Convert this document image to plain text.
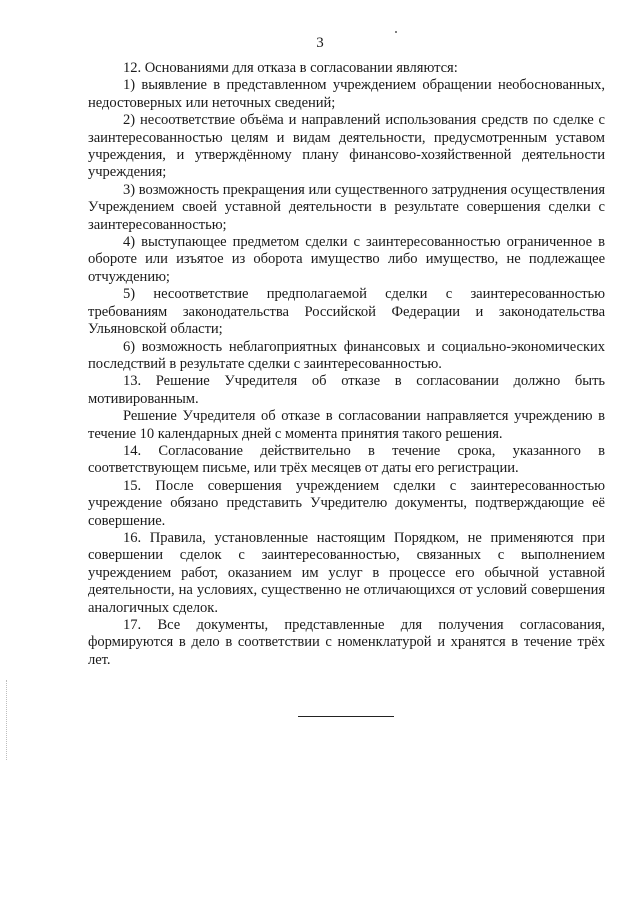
3

12. Основаниями для отказа в согласовании являются:

1) выявление в представленном учреждением обращении необоснованных, недостоверных или неточных сведений;

2) несоответствие объёма и направлений использования средств по сделке с заинтересованностью целям и видам деятельности, предусмотренным уставом учреждения, и утверждённому плану финансово-хозяйственной деятельности учреждения;

3) возможность прекращения или существенного затруднения осуществления Учреждением своей уставной деятельности в результате совершения сделки с заинтересованностью;

4) выступающее предметом сделки с заинтересованностью ограниченное в обороте или изъятое из оборота имущество либо имущество, не подлежащее отчуждению;

5) несоответствие предполагаемой сделки с заинтересованностью требованиям законодательства Российской Федерации и законодательства Ульяновской области;

6) возможность неблагоприятных финансовых и социально-экономических последствий в результате сделки с заинтересованностью.

13. Решение Учредителя об отказе в согласовании должно быть мотивированным.

Решение Учредителя об отказе в согласовании направляется учреждению в течение 10 календарных дней с момента принятия такого решения.

14. Согласование действительно в течение срока, указанного в соответствующем письме, или трёх месяцев от даты его регистрации.

15. После совершения учреждением сделки с заинтересованностью учреждение обязано представить Учредителю документы, подтверждающие её совершение.

16. Правила, установленные настоящим Порядком, не применяются при совершении сделок с заинтересованностью, связанных с выполнением учреждением работ, оказанием им услуг в процессе его обычной уставной деятельности, на условиях, существенно не отличающихся от условий совершения аналогичных сделок.

17. Все документы, представленные для получения согласования, формируются в дело в соответствии с номенклатурой и хранятся в течение трёх лет.
